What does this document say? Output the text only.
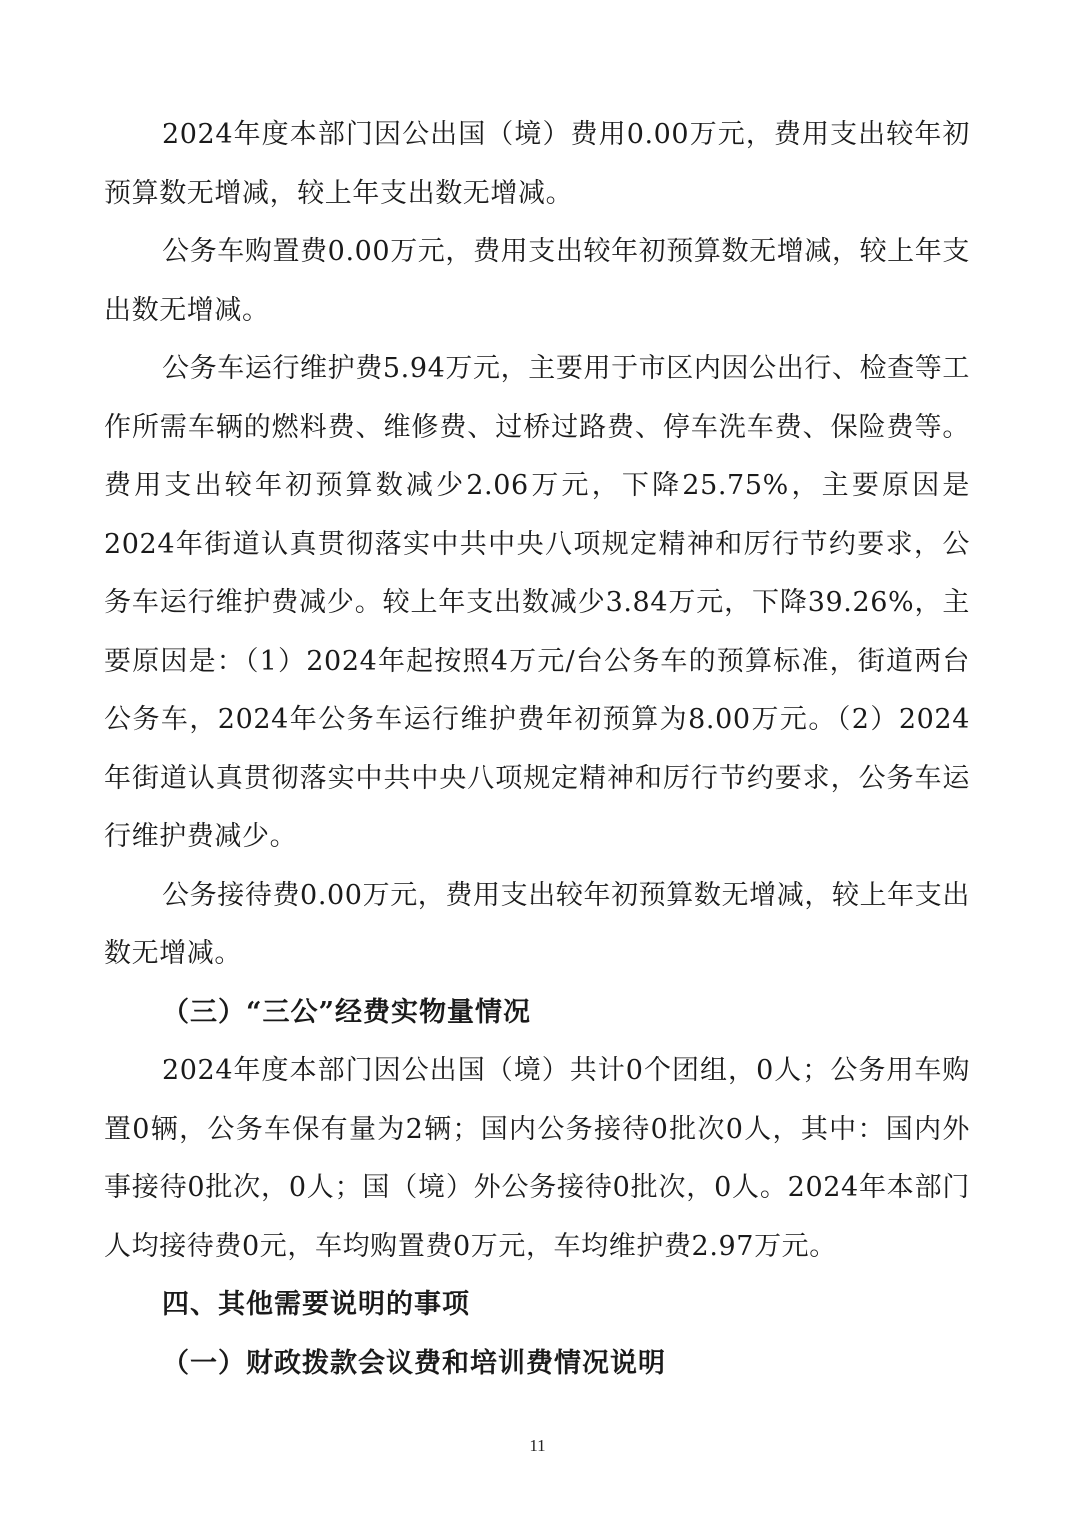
2024年度本部门因公出国（境）费用0.00万元，费用支出较年初预算数无增减，较上年支出数无增减。

公务车购置费0.00万元，费用支出较年初预算数无增减，较上年支出数无增减。

公务车运行维护费5.94万元，主要用于市区内因公出行、检查等工作所需车辆的燃料费、维修费、过桥过路费、停车洗车费、保险费等。费用支出较年初预算数减少2.06万元，下降25.75%，主要原因是2024年街道认真贯彻落实中共中央八项规定精神和厉行节约要求，公务车运行维护费减少。较上年支出数减少3.84万元，下降39.26%，主要原因是：（1）2024年起按照4万元/台公务车的预算标准，街道两台公务车，2024年公务车运行维护费年初预算为8.00万元。（2）2024年街道认真贯彻落实中共中央八项规定精神和厉行节约要求，公务车运行维护费减少。

公务接待费0.00万元，费用支出较年初预算数无增减，较上年支出数无增减。

（三）“三公”经费实物量情况

2024年度本部门因公出国（境）共计0个团组，0人；公务用车购置0辆，公务车保有量为2辆；国内公务接待0批次0人，其中：国内外事接待0批次，0人；国（境）外公务接待0批次，0人。2024年本部门人均接待费0元，车均购置费0万元，车均维护费2.97万元。

四、其他需要说明的事项

（一）财政拨款会议费和培训费情况说明

11
